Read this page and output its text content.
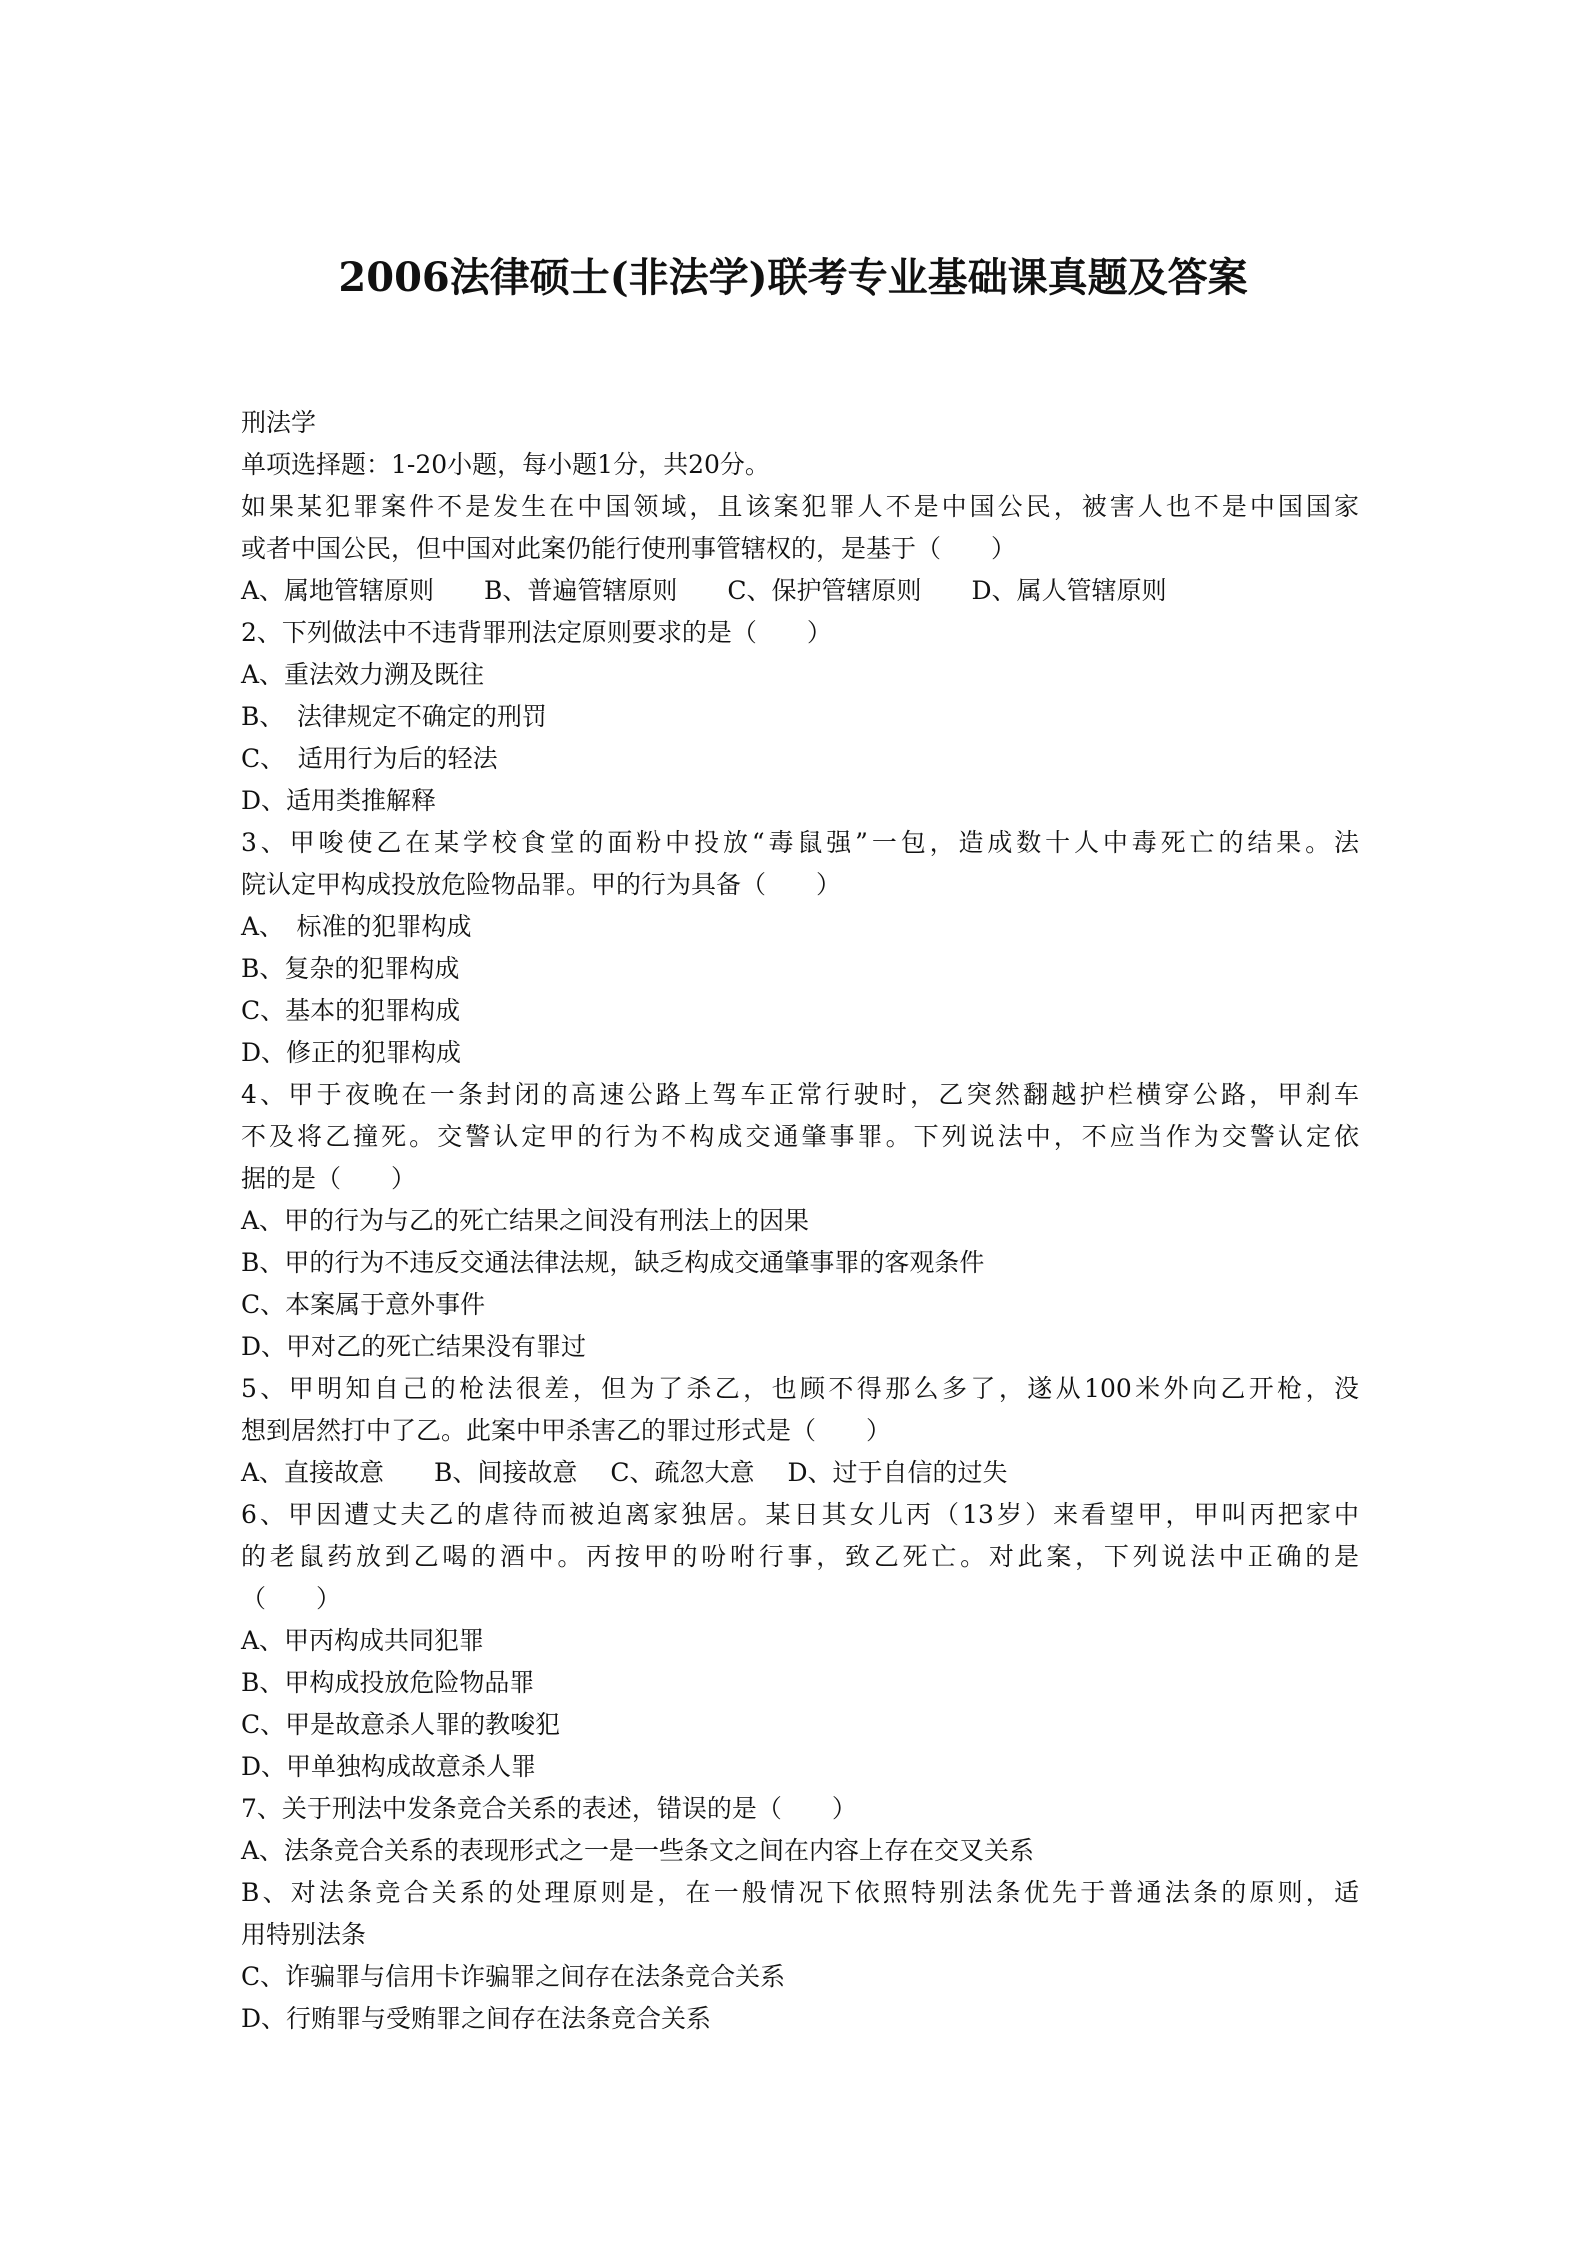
2006法律硕士(非法学)联考专业基础课真题及答案
刑法学
单项选择题：1-20小题，每小题1分，共20分。
如果某犯罪案件不是发生在中国领域，且该案犯罪人不是中国公民，被害人也不是中国国家
或者中国公民，但中国对此案仍能行使刑事管辖权的，是基于（　　）
A、属地管辖原则　　B、普遍管辖原则　　C、保护管辖原则　　D、属人管辖原则
2、下列做法中不违背罪刑法定原则要求的是（　　）
A、重法效力溯及既往
B、　法律规定不确定的刑罚
C、　适用行为后的轻法
D、适用类推解释
3、甲唆使乙在某学校食堂的面粉中投放“毒鼠强”一包，造成数十人中毒死亡的结果。法
院认定甲构成投放危险物品罪。甲的行为具备（　　）
A、　标准的犯罪构成
B、复杂的犯罪构成
C、基本的犯罪构成
D、修正的犯罪构成
4、甲于夜晚在一条封闭的高速公路上驾车正常行驶时，乙突然翻越护栏横穿公路，甲刹车
不及将乙撞死。交警认定甲的行为不构成交通肇事罪。下列说法中，不应当作为交警认定依
据的是（　　）
A、甲的行为与乙的死亡结果之间没有刑法上的因果
B、甲的行为不违反交通法律法规，缺乏构成交通肇事罪的客观条件
C、本案属于意外事件
D、甲对乙的死亡结果没有罪过
5、甲明知自己的枪法很差，但为了杀乙，也顾不得那么多了，遂从100米外向乙开枪，没
想到居然打中了乙。此案中甲杀害乙的罪过形式是（　　）
A、直接故意　　B、间接故意　 C、疏忽大意　 D、过于自信的过失
6、甲因遭丈夫乙的虐待而被迫离家独居。某日其女儿丙（13岁）来看望甲，甲叫丙把家中
的老鼠药放到乙喝的酒中。丙按甲的吩咐行事，致乙死亡。对此案，下列说法中正确的是
（　　）
A、甲丙构成共同犯罪
B、甲构成投放危险物品罪
C、甲是故意杀人罪的教唆犯
D、甲单独构成故意杀人罪
7、关于刑法中发条竞合关系的表述，错误的是（　　）
A、法条竞合关系的表现形式之一是一些条文之间在内容上存在交叉关系
B、对法条竞合关系的处理原则是，在一般情况下依照特别法条优先于普通法条的原则，适
用特别法条
C、诈骗罪与信用卡诈骗罪之间存在法条竞合关系
D、行贿罪与受贿罪之间存在法条竞合关系
